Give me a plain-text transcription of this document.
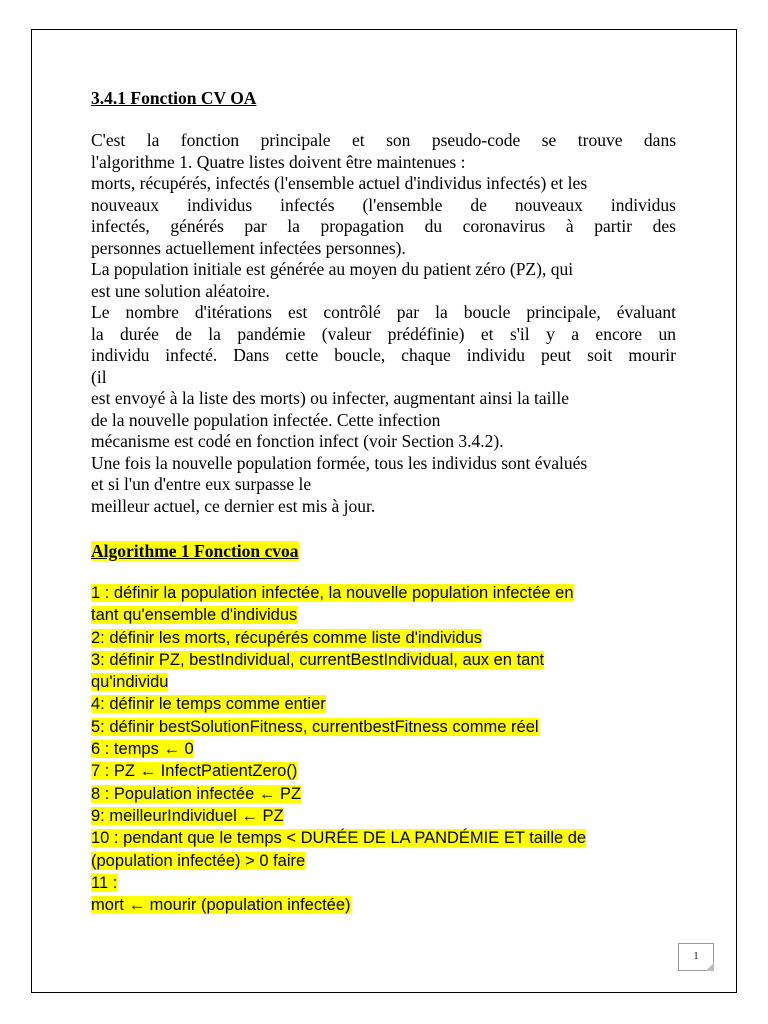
3.4.1 Fonction CV OA
C'est la fonction principale et son pseudo-code se trouve dans
l'algorithme 1. Quatre listes doivent être maintenues :
morts, récupérés, infectés (l'ensemble actuel d'individus infectés) et les
nouveaux individus infectés (l'ensemble de nouveaux individus
infectés, générés par la propagation du coronavirus à partir des
personnes actuellement infectées personnes).
La population initiale est générée au moyen du patient zéro (PZ), qui
est une solution aléatoire.
Le nombre d'itérations est contrôlé par la boucle principale, évaluant
la durée de la pandémie (valeur prédéfinie) et s'il y a encore un
individu infecté. Dans cette boucle, chaque individu peut soit mourir
(il
est envoyé à la liste des morts) ou infecter, augmentant ainsi la taille
de la nouvelle population infectée. Cette infection
mécanisme est codé en fonction infect (voir Section 3.4.2).
Une fois la nouvelle population formée, tous les individus sont évalués
et si l'un d'entre eux surpasse le
meilleur actuel, ce dernier est mis à jour.
Algorithme 1 Fonction cvoa
1 : définir la population infectée, la nouvelle population infectée en
tant qu'ensemble d'individus
2: définir les morts, récupérés comme liste d'individus
3: définir PZ, bestIndividual, currentBestIndividual, aux en tant
qu'individu
4: définir le temps comme entier
5: définir bestSolutionFitness, currentbestFitness comme réel
6 : temps ← 0
7 : PZ ← InfectPatientZero()
8 : Population infectée ← PZ
9: meilleurIndividuel ← PZ
10 : pendant que le temps < DURÉE DE LA PANDÉMIE ET taille de
(population infectée) > 0 faire
11 :
mort ← mourir (population infectée)
1
